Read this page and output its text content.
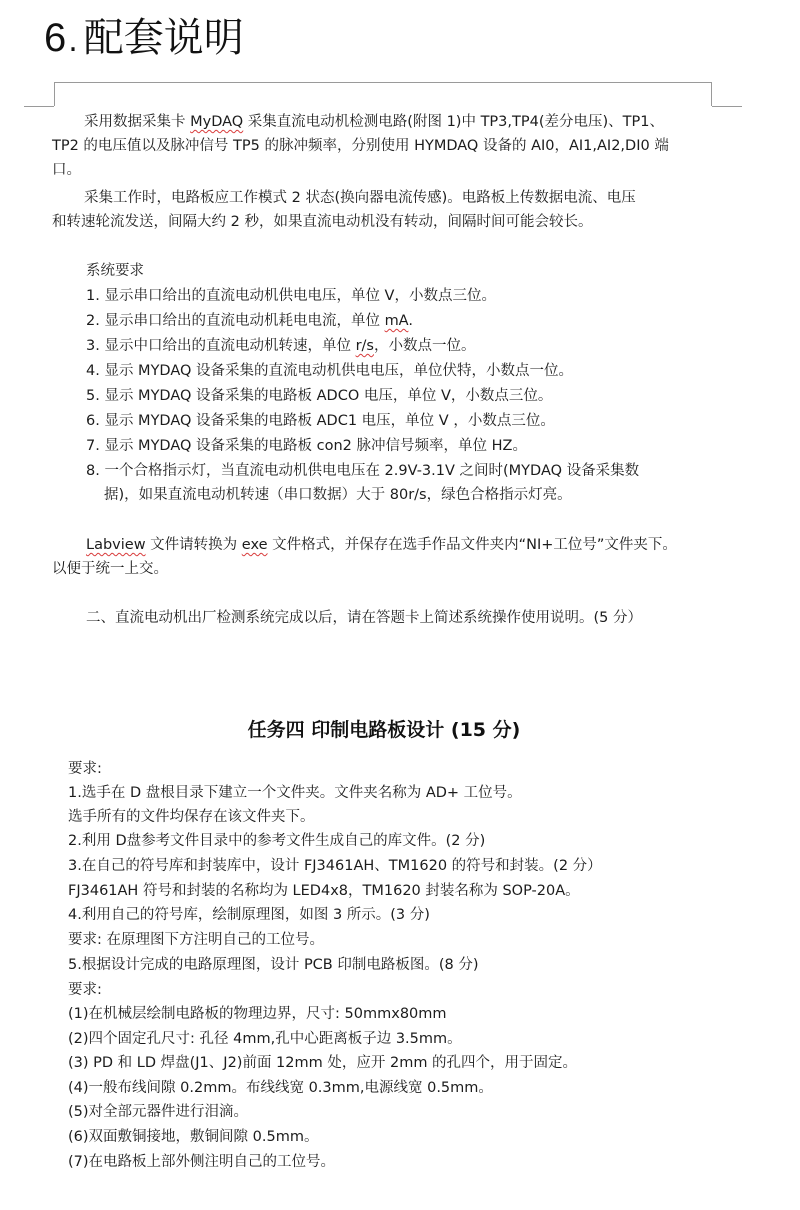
6. 配套说明
采用数据采集卡 MyDAQ 采集直流电动机检测电路(附图 1)中 TP3,TP4(差分电压)、TP1、
TP2 的电压值以及脉冲信号 TP5 的脉冲频率，分别使用 HYMDAQ 设备的 AI0，AI1,AI2,DI0 端
口。
采集工作时，电路板应工作模式 2 状态(换向器电流传感)。电路板上传数据电流、电压
和转速轮流发送，间隔大约 2 秒，如果直流电动机没有转动，间隔时间可能会较长。
系统要求
1. 显示串口给出的直流电动机供电电压，单位 V，小数点三位。
2. 显示串口给出的直流电动机耗电电流，单位 mA.
3. 显示中口给出的直流电动机转速，单位 r/s，小数点一位。
4. 显示 MYDAQ 设备采集的直流电动机供电电压，单位伏特，小数点一位。
5. 显示 MYDAQ 设备采集的电路板 ADCO 电压，单位 V，小数点三位。
6. 显示 MYDAQ 设备采集的电路板 ADC1 电压，单位 V ，小数点三位。
7. 显示 MYDAQ 设备采集的电路板 con2 脉冲信号频率，单位 HZ。
8. 一个合格指示灯，当直流电动机供电电压在 2.9V-3.1V 之间时(MYDAQ 设备采集数
据)，如果直流电动机转速（串口数据）大于 80r/s，绿色合格指示灯亮。
Labview 文件请转换为 exe 文件格式，并保存在选手作品文件夹内“NI+工位号”文件夹下。
以便于统一上交。
二、直流电动机出厂检测系统完成以后，请在答题卡上简述系统操作使用说明。(5 分）
任务四 印制电路板设计 (15 分)
要求:
1.选手在 D 盘根目录下建立一个文件夹。文件夹名称为 AD+ 工位号。
选手所有的文件均保存在该文件夹下。
2.利用 D盘参考文件目录中的参考文件生成自己的库文件。(2 分)
3.在自己的符号库和封装库中，设计 FJ3461AH、TM1620 的符号和封装。(2 分）
FJ3461AH 符号和封装的名称均为 LED4x8，TM1620 封装名称为 SOP-20A。
4.利用自己的符号库，绘制原理图，如图 3 所示。(3 分)
要求: 在原理图下方注明自己的工位号。
5.根据设计完成的电路原理图，设计 PCB 印制电路板图。(8 分)
要求:
(1)在机械层绘制电路板的物理边界，尺寸: 50mmx80mm
(2)四个固定孔尺寸: 孔径 4mm,孔中心距离板子边 3.5mm。
(3) PD 和 LD 焊盘(J1、J2)前面 12mm 处，应开 2mm 的孔四个，用于固定。
(4)一般布线间隙 0.2mm。布线线宽 0.3mm,电源线宽 0.5mm。
(5)对全部元器件进行泪滴。
(6)双面敷铜接地，敷铜间隙 0.5mm。
(7)在电路板上部外侧注明自己的工位号。
